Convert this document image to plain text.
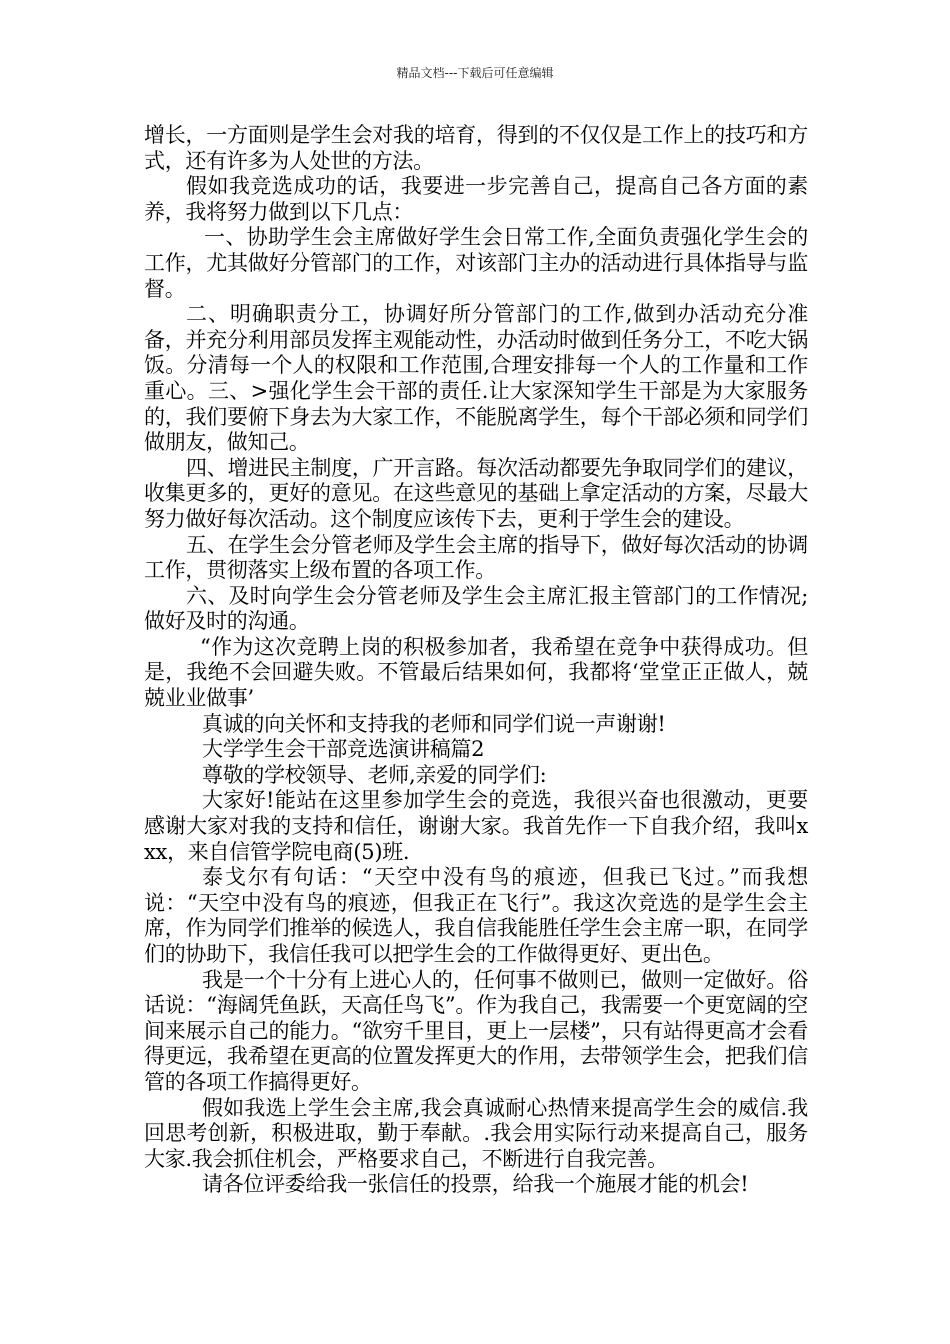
精品文档---下载后可任意编辑

增长，一方面则是学生会对我的培育，得到的不仅仅是工作上的技巧和方式，还有许多为人处世的方法。

假如我竞选成功的话，我要进一步完善自己，提高自己各方面的素养，我将努力做到以下几点：

一、协助学生会主席做好学生会日常工作,全面负责强化学生会的工作，尤其做好分管部门的工作，对该部门主办的活动进行具体指导与监督。

二、明确职责分工，协调好所分管部门的工作,做到办活动充分准备，并充分利用部员发挥主观能动性，办活动时做到任务分工，不吃大锅饭。分清每一个人的权限和工作范围,合理安排每一个人的工作量和工作重心。三、>强化学生会干部的责任.让大家深知学生干部是为大家服务的，我们要俯下身去为大家工作，不能脱离学生，每个干部必须和同学们做朋友，做知己。

四、增进民主制度，广开言路。每次活动都要先争取同学们的建议，收集更多的，更好的意见。在这些意见的基础上拿定活动的方案，尽最大努力做好每次活动。这个制度应该传下去，更利于学生会的建设。

五、在学生会分管老师及学生会主席的指导下，做好每次活动的协调工作，贯彻落实上级布置的各项工作。

六、及时向学生会分管老师及学生会主席汇报主管部门的工作情况;做好及时的沟通。

“作为这次竞聘上岗的积极参加者，我希望在竞争中获得成功。但是，我绝不会回避失败。不管最后结果如何，我都将‘堂堂正正做人，兢兢业业做事’

真诚的向关怀和支持我的老师和同学们说一声谢谢!

大学学生会干部竞选演讲稿篇2

尊敬的学校领导、老师,亲爱的同学们:

大家好!能站在这里参加学生会的竞选，我很兴奋也很激动，更要感谢大家对我的支持和信任，谢谢大家。我首先作一下自我介绍，我叫xxx，来自信管学院电商(5)班.

泰戈尔有句话：“天空中没有鸟的痕迹，但我已飞过。”而我想说：“天空中没有鸟的痕迹，但我正在飞行”。我这次竞选的是学生会主席，作为同学们推举的候选人，我自信我能胜任学生会主席一职，在同学们的协助下，我信任我可以把学生会的工作做得更好、更出色。

我是一个十分有上进心人的，任何事不做则已，做则一定做好。俗话说：“海阔凭鱼跃，天高任鸟飞”。作为我自己，我需要一个更宽阔的空间来展示自己的能力。“欲穷千里目，更上一层楼”，只有站得更高才会看得更远，我希望在更高的位置发挥更大的作用，去带领学生会，把我们信管的各项工作搞得更好。

假如我选上学生会主席,我会真诚耐心热情来提高学生会的威信.我回思考创新，积极进取，勤于奉献。.我会用实际行动来提高自己，服务大家.我会抓住机会，严格要求自己，不断进行自我完善。

请各位评委给我一张信任的投票，给我一个施展才能的机会!
